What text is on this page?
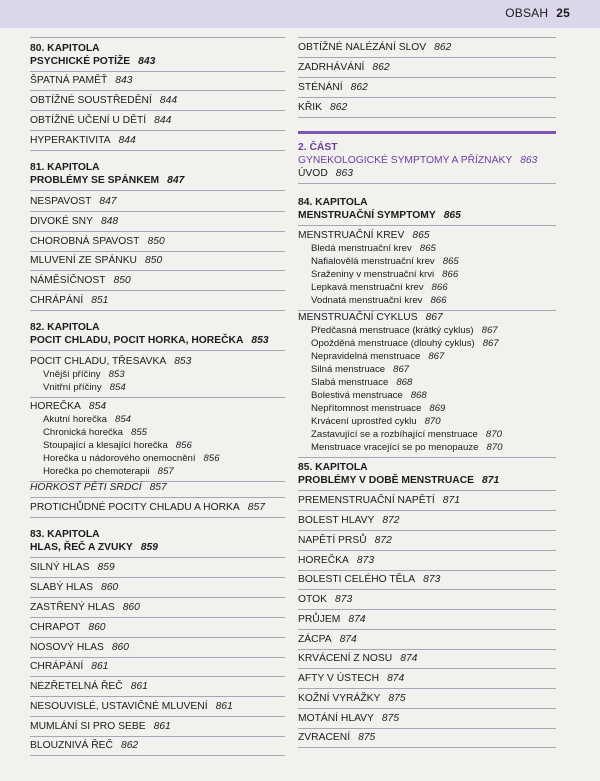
OBSAH 25
80. KAPITOLA
PSYCHICKÉ POTÍŽE 843
ŠPATNÁ PAMĚŤ 843
OBTÍŽNÉ SOUSTŘEDĚNÍ 844
OBTÍŽNÉ UČENÍ U DĚTÍ 844
HYPERAKTIVITA 844
81. KAPITOLA
PROBLÉMY SE SPÁNKEM 847
NESPAVOST 847
DIVOKÉ SNY 848
CHOROBNÁ SPAVOST 850
MLUVENÍ ZE SPÁNKU 850
NÁMĚSÍČNOST 850
CHRÁPÁNÍ 851
82. KAPITOLA
POCIT CHLADU, POCIT HORKA, HOREČKA 853
POCIT CHLADU, TŘESAVKA 853
Vnější příčiny 853
Vnitřní příčiny 854
HOREČKA 854
Akutní horečka 854
Chronická horečka 855
Stoupající a klesající horečka 856
Horečka u nádorového onemocnění 856
Horečka po chemoterapii 857
HORKOST PĚTI SRDCÍ 857
PROTICHŮDNÉ POCITY CHLADU A HORKA 857
83. KAPITOLA
HLAS, ŘEČ A ZVUKY 859
SILNÝ HLAS 859
SLABÝ HLAS 860
ZASTŘENÝ HLAS 860
CHRAPOT 860
NOSOVÝ HLAS 860
CHRÁPÁNÍ 861
NEZŘETELNÁ ŘEČ 861
NESOUVISLÉ, USTAVIČNÉ MLUVENÍ 861
MUMLÁNÍ SI PRO SEBE 861
BLOUZNIVÁ ŘEČ 862
OBTÍŽNÉ NALÉZÁNÍ SLOV 862
ZADRHÁVÁNÍ 862
STÉNÁNÍ 862
KŘIK 862
2. ČÁST
GYNEKOLOGICKÉ SYMPTOMY A PŘÍZNAKY 863
ÚVOD 863
84. KAPITOLA
MENSTRUAČNÍ SYMPTOMY 865
MENSTRUAČNÍ KREV 865
Bledá menstruační krev 865
Nafialovělá menstruační krev 865
Sraženiny v menstruační krvi 866
Lepkavá menstruační krev 866
Vodnatá menstruační krev 866
MENSTRUAČNÍ CYKLUS 867
Předčasná menstruace (krátký cyklus) 867
Opožděná menstruace (dlouhý cyklus) 867
Nepravidelná menstruace 867
Silná menstruace 867
Slabá menstruace 868
Bolestivá menstruace 868
Nepřítomnost menstruace 869
Krvácení uprostřed cyklu 870
Zastavující se a rozbíhající menstruace 870
Menstruace vracející se po menopauze 870
85. KAPITOLA
PROBLÉMY V DOBĚ MENSTRUACE 871
PREMENSTRUAČNÍ NAPĚTÍ 871
BOLEST HLAVY 872
NAPĚTÍ PRSŮ 872
HOREČKA 873
BOLESTI CELÉHO TĚLA 873
OTOK 873
PRŮJEM 874
ZÁCPA 874
KRVÁCENÍ Z NOSU 874
AFTY V ÚSTECH 874
KOŽNÍ VYRÁŽKY 875
MOTÁNÍ HLAVY 875
ZVRACENÍ 875
